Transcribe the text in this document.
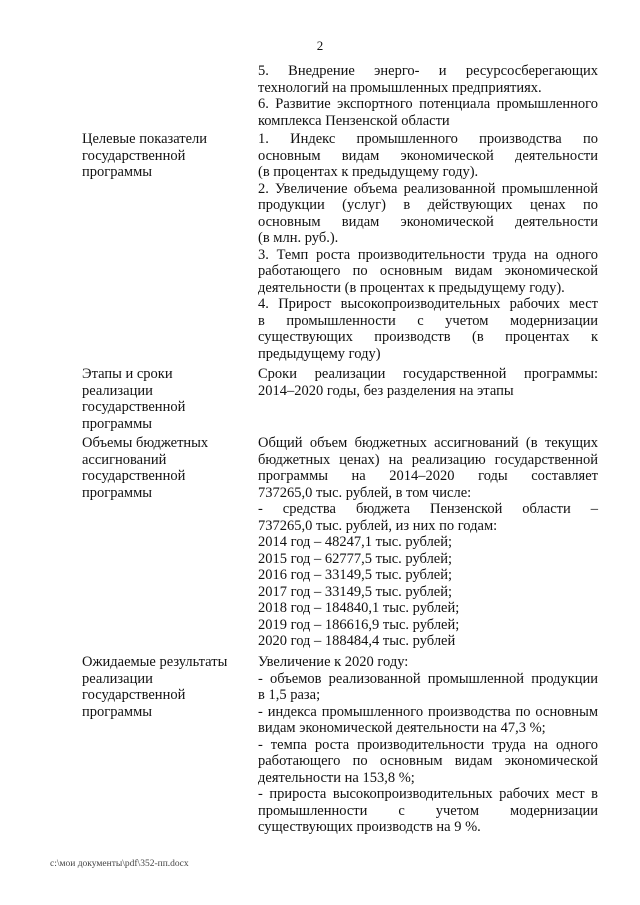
2

5. Внедрение энерго- и ресурсосберегающих

технологий на промышленных предприятиях.

6. Развитие экспортного потенциала промышленного

комплекса Пензенской области

Целевые показатели государственной программы

1. Индекс промышленного производства по

основным видам экономической деятельности

(в процентах к предыдущему году).

2. Увеличение объема реализованной промышленной

продукции (услуг) в действующих ценах по

основным видам экономической деятельности

(в млн. руб.).

3. Темп роста производительности труда на одного

работающего по основным видам экономической

деятельности (в процентах к предыдущему году).

4. Прирост высокопроизводительных рабочих мест

в промышленности с учетом модернизации

существующих производств (в процентах к

предыдущему году)

Этапы и сроки реализации государственной программы

Сроки реализации государственной программы:

2014–2020 годы, без разделения на этапы

Объемы бюджетных ассигнований государственной программы

Общий объем бюджетных ассигнований (в текущих

бюджетных ценах) на реализацию государственной

программы на 2014–2020 годы составляет

737265,0 тыс. рублей, в том числе:

- средства бюджета Пензенской области –

737265,0 тыс. рублей, из них по годам:

2014 год – 48247,1 тыс. рублей;

2015 год – 62777,5 тыс. рублей;

2016 год – 33149,5 тыс. рублей;

2017 год – 33149,5 тыс. рублей;

2018 год – 184840,1 тыс. рублей;

2019 год – 186616,9 тыс. рублей;

2020 год – 188484,4 тыс. рублей

Ожидаемые результаты реализации государственной программы

Увеличение к 2020 году:

- объемов реализованной промышленной продукции

в 1,5 раза;

- индекса промышленного производства по основным

видам экономической деятельности на 47,3 %;

- темпа роста производительности труда на одного

работающего по основным видам экономической

деятельности на 153,8 %;

- прироста высокопроизводительных рабочих мест в

промышленности с учетом модернизации

существующих производств на 9 %.

c:\мои документы\pdf\352-пп.docx
